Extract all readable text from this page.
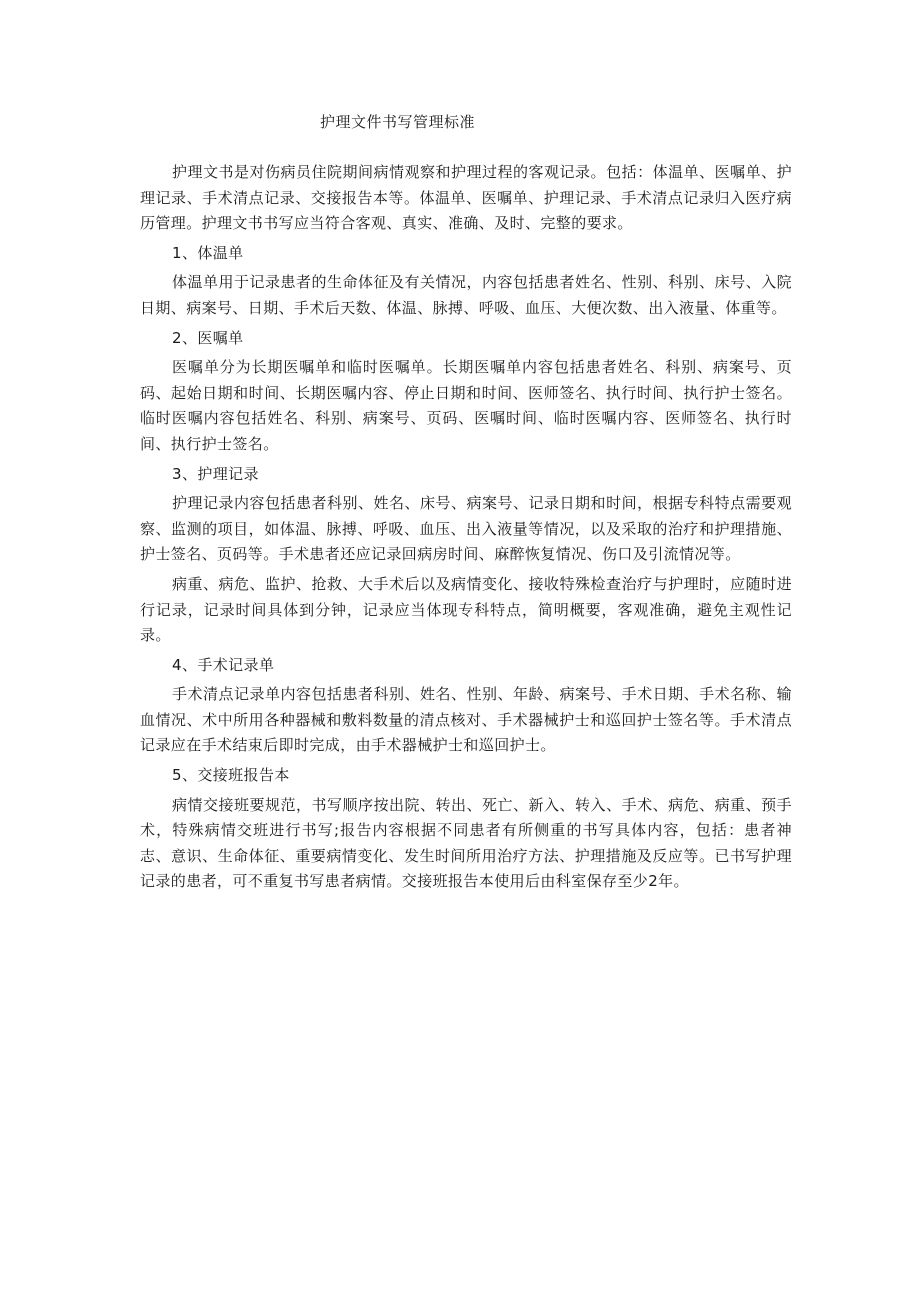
护理文件书写管理标准

护理文书是对伤病员住院期间病情观察和护理过程的客观记录。包括：体温单、医嘱单、护理记录、手术清点记录、交接报告本等。体温单、医嘱单、护理记录、手术清点记录归入医疗病历管理。护理文书书写应当符合客观、真实、准确、及时、完整的要求。

1、体温单

体温单用于记录患者的生命体征及有关情况，内容包括患者姓名、性别、科别、床号、入院日期、病案号、日期、手术后天数、体温、脉搏、呼吸、血压、大便次数、出入液量、体重等。

2、医嘱单

医嘱单分为长期医嘱单和临时医嘱单。长期医嘱单内容包括患者姓名、科别、病案号、页码、起始日期和时间、长期医嘱内容、停止日期和时间、医师签名、执行时间、执行护士签名。临时医嘱内容包括姓名、科别、病案号、页码、医嘱时间、临时医嘱内容、医师签名、执行时间、执行护士签名。

3、护理记录

护理记录内容包括患者科别、姓名、床号、病案号、记录日期和时间，根据专科特点需要观察、监测的项目，如体温、脉搏、呼吸、血压、出入液量等情况，以及采取的治疗和护理措施、护士签名、页码等。手术患者还应记录回病房时间、麻醉恢复情况、伤口及引流情况等。

病重、病危、监护、抢救、大手术后以及病情变化、接收特殊检查治疗与护理时，应随时进行记录，记录时间具体到分钟，记录应当体现专科特点，简明概要，客观准确，避免主观性记录。

4、手术记录单

手术清点记录单内容包括患者科别、姓名、性别、年龄、病案号、手术日期、手术名称、输血情况、术中所用各种器械和敷料数量的清点核对、手术器械护士和巡回护士签名等。手术清点记录应在手术结束后即时完成，由手术器械护士和巡回护士。

5、交接班报告本

病情交接班要规范，书写顺序按出院、转出、死亡、新入、转入、手术、病危、病重、预手术，特殊病情交班进行书写;报告内容根据不同患者有所侧重的书写具体内容，包括：患者神志、意识、生命体征、重要病情变化、发生时间所用治疗方法、护理措施及反应等。已书写护理记录的患者，可不重复书写患者病情。交接班报告本使用后由科室保存至少2年。
